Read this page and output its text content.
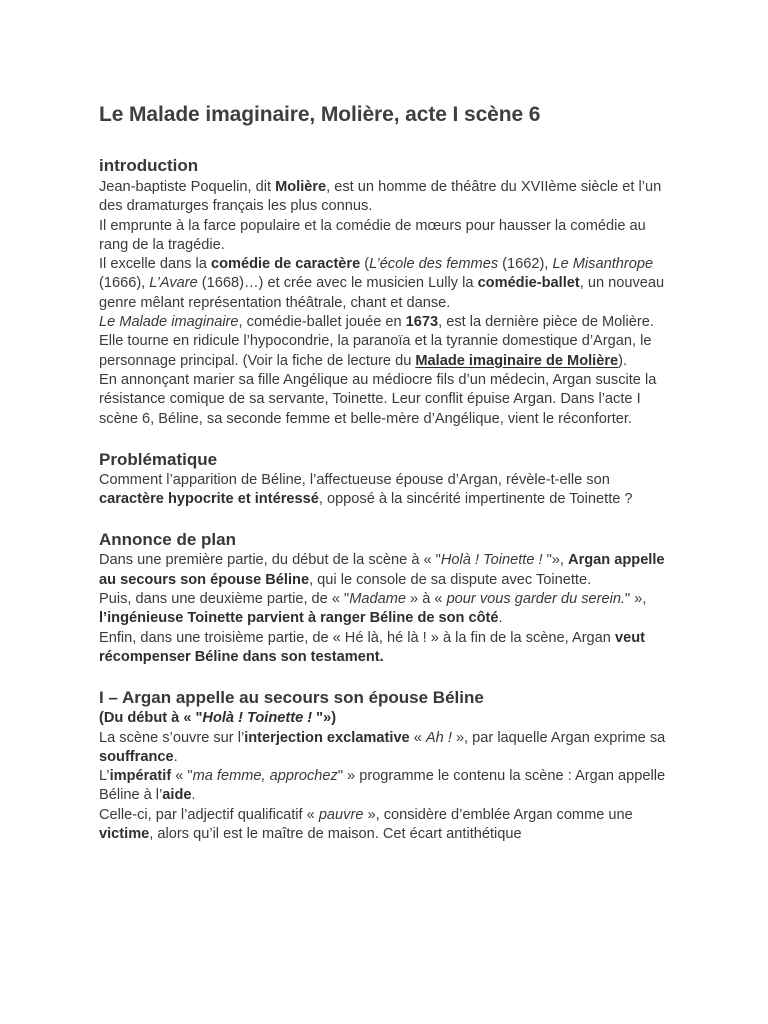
Le Malade imaginaire, Molière, acte I scène 6
introduction

Jean-baptiste Poquelin, dit Molière, est un homme de théâtre du XVIIème siècle et l’un des dramaturges français les plus connus.

Il emprunte à la farce populaire et la comédie de mœurs pour hausser la comédie au rang de la tragédie.

Il excelle dans la comédie de caractère (L’école des femmes (1662), Le Misanthrope (1666), L’Avare (1668)…) et crée avec le musicien Lully la comédie-ballet, un nouveau genre mêlant représentation théâtrale, chant et danse.

Le Malade imaginaire, comédie-ballet jouée en 1673, est la dernière pièce de Molière.

Elle tourne en ridicule l’hypocondrie, la paranoïa et la tyrannie domestique d’Argan, le personnage principal. (Voir la fiche de lecture du Malade imaginaire de Molière).

En annonçant marier sa fille Angélique au médiocre fils d’un médecin, Argan suscite la résistance comique de sa servante, Toinette. Leur conflit épuise Argan. Dans l’acte I scène 6, Béline, sa seconde femme et belle-mère d’Angélique, vient le réconforter.

Problématique

Comment l’apparition de Béline, l’affectueuse épouse d’Argan, révèle-t-elle son caractère hypocrite et intéressé, opposé à la sincérité impertinente de Toinette ?

Annonce de plan

Dans une première partie, du début de la scène à « "Holà ! Toinette ! "», Argan appelle au secours son épouse Béline, qui le console de sa dispute avec Toinette.

Puis, dans une deuxième partie, de « "Madame » à « pour vous garder du serein." », l’ingénieuse Toinette parvient à ranger Béline de son côté.

Enfin, dans une troisième partie, de « Hé là, hé là ! » à la fin de la scène, Argan veut récompenser Béline dans son testament.

I – Argan appelle au secours son épouse Béline

(Du début à « "Holà ! Toinette ! "»)

La scène s’ouvre sur l’interjection exclamative « Ah ! », par laquelle Argan exprime sa souffrance.

L’impératif « "ma femme, approchez" » programme le contenu la scène : Argan appelle Béline à l’aide.

Celle-ci, par l’adjectif qualificatif « pauvre », considère d’emblée Argan comme une victime, alors qu’il est le maître de maison. Cet écart antithétique
